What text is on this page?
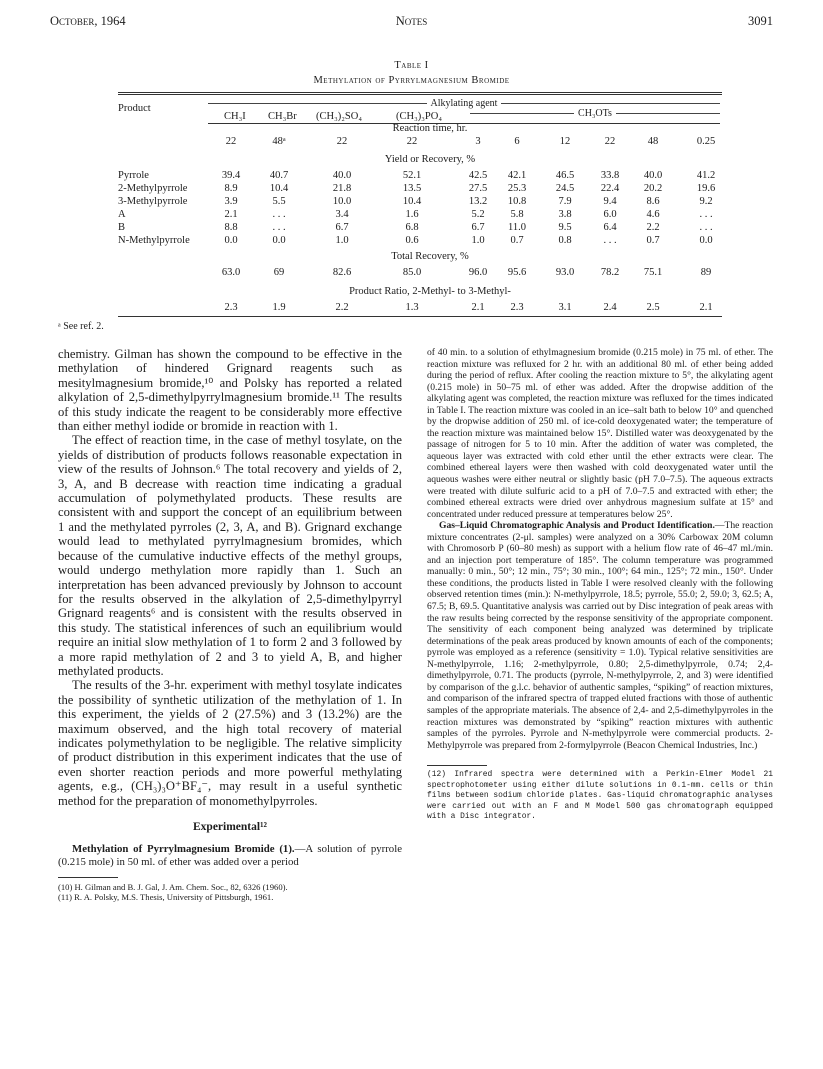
October, 1964	Notes	3091
Table I
Methylation of Pyrrylmagnesium Bromide
Product	Alkylating agent
CH₃I CH₃Br (CH₃)₂SO₄	(CH₃)₃PO₄	CH₃OTs
Reaction time, hr.
22	48ᵃ	22	22	3	6	12	22	48	0.25
Yield or Recovery, %
Pyrrole	39.4	40.7	40.0	52.1	42.5	42.1	46.5	33.8	40.0	41.2
2-Methylpyrrole	8.9	10.4	21.8	13.5	27.5	25.3	24.5	22.4	20.2	19.6
3-Methylpyrrole	3.9	5.5	10.0	10.4	13.2	10.8	7.9	9.4	8.6	9.2
A	2.1	. . .	3.4	1.6	5.2	5.8	3.8	6.0	4.6	. . .
B	8.8	. . .	6.7	6.8	6.7	11.0	9.5	6.4	2.2	. . .
N-Methylpyrrole	0.0	0.0	1.0	0.6	1.0	0.7	0.8	. . .	0.7	0.0
Total Recovery, %
63.0	69	82.6	85.0	96.0	95.6	93.0	78.2	75.1	89
Product Ratio, 2-Methyl- to 3-Methyl-
2.3	1.9	2.2	1.3	2.1	2.3	3.1	2.4	2.5	2.1
ᵃ See ref. 2.

chemistry. Gilman has shown the compound to be effective in the methylation of hindered Grignard reagents such as mesitylmagnesium bromide,¹⁰ and Polsky has reported a related alkylation of 2,5-dimethylpyrrylmagnesium bromide.¹¹ The results of this study indicate the reagent to be considerably more effective than either methyl iodide or bromide in reaction with 1.

The effect of reaction time, in the case of methyl tosylate, on the yields of distribution of products follows reasonable expectation in view of the results of Johnson.⁶ The total recovery and yields of 2, 3, A, and B decrease with reaction time indicating a gradual accumulation of polymethylated products. These results are consistent with and support the concept of an equilibrium between 1 and the methylated pyrroles (2, 3, A, and B). Grignard exchange would lead to methylated pyrrylmagnesium bromides, which because of the cumulative inductive effects of the methyl groups, would undergo methylation more rapidly than 1. Such an interpretation has been advanced previously by Johnson to account for the results observed in the alkylation of 2,5-dimethylpyrryl Grignard reagents⁶ and is consistent with the results observed in this study. The statistical inferences of such an equilibrium would require an initial slow methylation of 1 to form 2 and 3 followed by a more rapid methylation of 2 and 3 to yield A, B, and higher methylated products.

The results of the 3-hr. experiment with methyl tosylate indicates the possibility of synthetic utilization of the methylation of 1. In this experiment, the yields of 2 (27.5%) and 3 (13.2%) are the maximum observed, and the high total recovery of material indicates polymethylation to be negligible. The relative simplicity of product distribution in this experiment indicates that the use of even shorter reaction periods and more powerful methylating agents, e.g., (CH₃)₃O⁺BF₄⁻, may result in a useful synthetic method for the preparation of monomethylpyrroles.

Experimental¹²

Methylation of Pyrrylmagnesium Bromide (1).—A solution of pyrrole (0.215 mole) in 50 ml. of ether was added over a period

(10) H. Gilman and B. J. Gal, J. Am. Chem. Soc., 82, 6326 (1960).

(11) R. A. Polsky, M.S. Thesis, University of Pittsburgh, 1961.

of 40 min. to a solution of ethylmagnesium bromide (0.215 mole) in 75 ml. of ether. The reaction mixture was refluxed for 2 hr. with an additional 80 ml. of ether being added during the period of reflux. After cooling the reaction mixture to 5°, the alkylating agent (0.215 mole) in 50–75 ml. of ether was added. After the dropwise addition of the alkylating agent was completed, the reaction mixture was refluxed for the times indicated in Table I. The reaction mixture was cooled in an ice–salt bath to below 10° and quenched by the dropwise addition of 250 ml. of ice-cold deoxygenated water; the temperature of the reaction mixture was maintained below 15°. Distilled water was deoxygenated by the passage of nitrogen for 5 to 10 min. After the addition of water was completed, the aqueous layer was extracted with cold ether until the ether extracts were clear. The combined ethereal layers were then washed with cold deoxygenated water until the aqueous washes were either neutral or slightly basic (pH 7.0–7.5). The aqueous extracts were treated with dilute sulfuric acid to a pH of 7.0–7.5 and extracted with ether; the combined ethereal extracts were dried over anhydrous magnesium sulfate at 15° and concentrated under reduced pressure at temperatures below 25°.

Gas–Liquid Chromatographic Analysis and Product Identification.—The reaction mixture concentrates (2-μl. samples) were analyzed on a 30% Carbowax 20M column with Chromosorb P (60–80 mesh) as support with a helium flow rate of 46–47 ml./min. and an injection port temperature of 185°. The column temperature was programmed manually: 0 min., 50°; 12 min., 75°; 30 min., 100°; 64 min., 125°; 72 min., 150°. Under these conditions, the products listed in Table I were resolved cleanly with the following observed retention times (min.): N-methylpyrrole, 18.5; pyrrole, 55.0; 2, 59.0; 3, 62.5; A, 67.5; B, 69.5. Quantitative analysis was carried out by Disc integration of peak areas with the raw results being corrected by the response sensitivity of the appropriate component. The sensitivity of each component being analyzed was determined by triplicate determinations of the peak areas produced by known amounts of each of the components; pyrrole was employed as a reference (sensitivity = 1.0). Typical relative sensitivities are N-methylpyrrole, 1.16; 2-methylpyrrole, 0.80; 2,5-dimethylpyrrole, 0.74; 2,4-dimethylpyrrole, 0.71. The products (pyrrole, N-methylpyrrole, 2, and 3) were identified by comparison of the g.l.c. behavior of authentic samples, “spiking” of reaction mixtures, and comparison of the infrared spectra of trapped eluted fractions with those of authentic samples of the appropriate materials. The absence of 2,4- and 2,5-dimethylpyrroles in the reaction mixtures was demonstrated by “spiking” reaction mixtures with authentic samples of the pyrroles. Pyrrole and N-methylpyrrole were commercial products. 2-Methylpyrrole was prepared from 2-formylpyrrole (Beacon Chemical Industries, Inc.)

(12) Infrared spectra were determined with a Perkin-Elmer Model 21 spectrophotometer using either dilute solutions in 0.1-mm. cells or thin films between sodium chloride plates. Gas-liquid chromatographic analyses were carried out with an F and M Model 500 gas chromatograph equipped with a Disc integrator.
